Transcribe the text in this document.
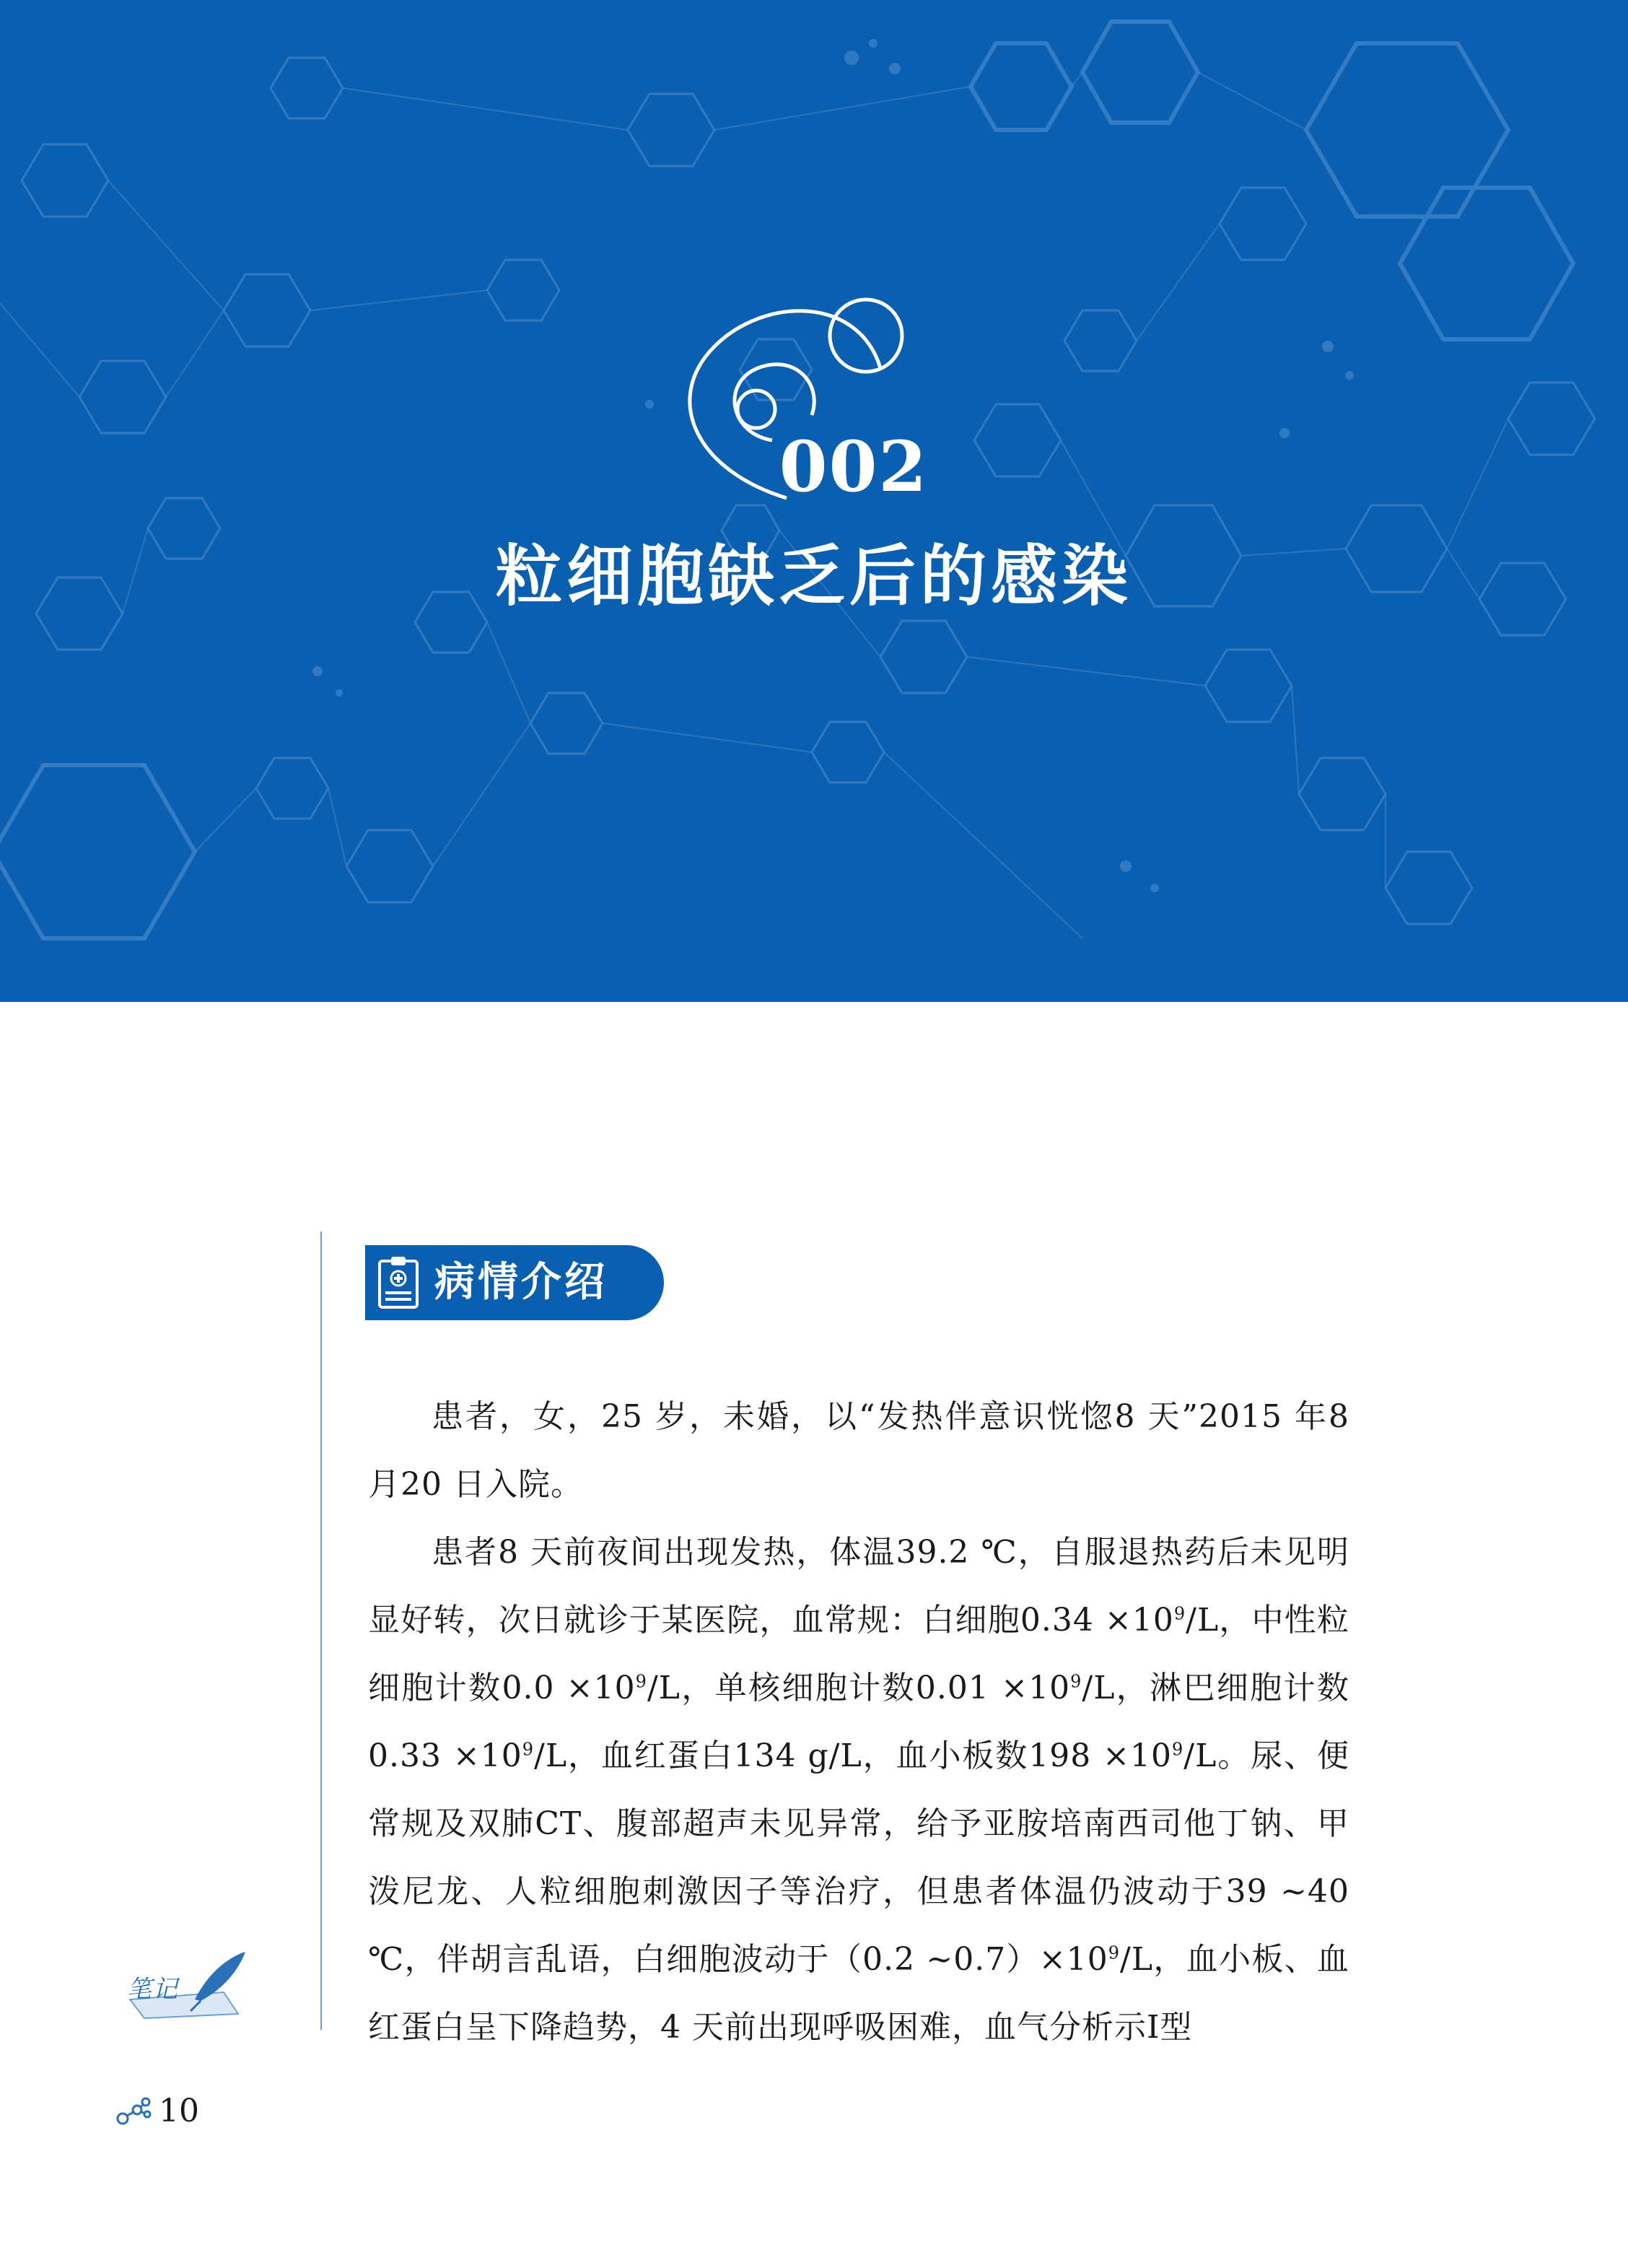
002
粒细胞缺乏后的感染
病情介绍

患者，女，25 岁，未婚，以“发热伴意识恍惚8 天”2015 年8 月20 日入院。

患者8 天前夜间出现发热，体温39.2 ℃，自服退热药后未见明显好转，次日就诊于某医院，血常规：白细胞$0.34 \times 10^9/L$，中性粒细胞计数$0.0 \times 10^9/L$，单核细胞计数$0.01 \times 10^9/L$，淋巴细胞计数$0.33 \times 10^9/L$，血红蛋白134 g/L，血小板数$198 \times 10^9/L$。尿、便常规及双肺CT、腹部超声未见异常，给予亚胺培南西司他丁钠、甲泼尼龙、人粒细胞刺激因子等治疗，但患者体温仍波动于39 ~40 ℃，伴胡言乱语，白细胞波动于（0.2 $\sim 0.7)\times 10^9/L$，血小板、血红蛋白呈下降趋势，4 天前出现呼吸困难，血气分析示Ⅰ型

笔记
10
